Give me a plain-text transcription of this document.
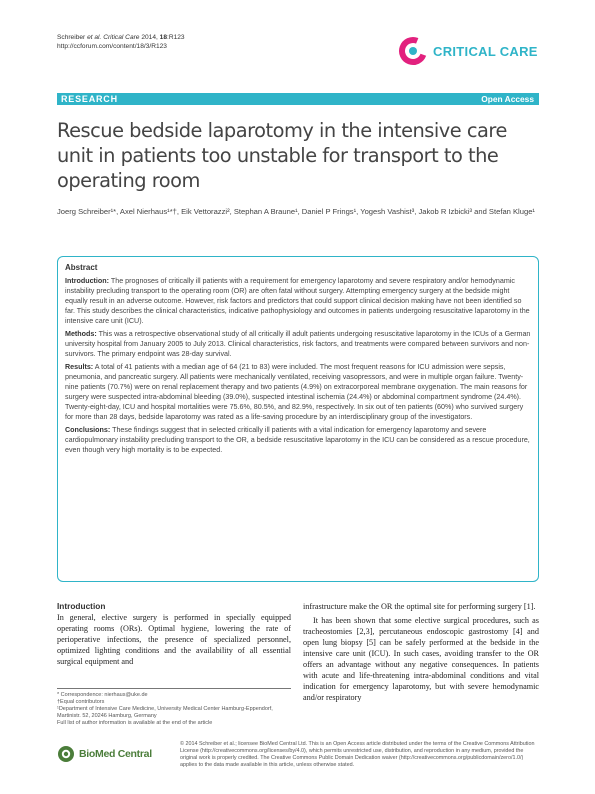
Schreiber et al. Critical Care 2014, 18:R123
http://ccforum.com/content/18/3/R123	CRITICAL CARE
RESEARCH	Open Access
Rescue bedside laparotomy in the intensive care unit in patients too unstable for transport to the operating room
Joerg Schreiber¹*, Axel Nierhaus¹*†, Eik Vettorazzi², Stephan A Braune¹, Daniel P Frings¹, Yogesh Vashist³, Jakob R Izbicki³ and Stefan Kluge¹
Abstract

Introduction: The prognoses of critically ill patients with a requirement for emergency laparotomy and severe respiratory and/or hemodynamic instability precluding transport to the operating room (OR) are often fatal without surgery. Attempting emergency surgery at the bedside might equally result in an adverse outcome. However, risk factors and predictors that could support clinical decision making have not been identified so far. This study describes the clinical characteristics, indicative pathophysiology and outcomes in patients undergoing resuscitative laparotomy in the intensive care unit (ICU).

Methods: This was a retrospective observational study of all critically ill adult patients undergoing resuscitative laparotomy in the ICUs of a German university hospital from January 2005 to July 2013. Clinical characteristics, risk factors, and treatments were compared between survivors and non-survivors. The primary endpoint was 28-day survival.

Results: A total of 41 patients with a median age of 64 (21 to 83) were included. The most frequent reasons for ICU admission were sepsis, pneumonia, and pancreatic surgery. All patients were mechanically ventilated, receiving vasopressors, and were in multiple organ failure. Twenty-nine patients (70.7%) were on renal replacement therapy and two patients (4.9%) on extracorporeal membrane oxygenation. The main reasons for surgery were suspected intra-abdominal bleeding (39.0%), suspected intestinal ischemia (24.4%) or abdominal compartment syndrome (24.4%). Twenty-eight-day, ICU and hospital mortalities were 75.6%, 80.5%, and 82.9%, respectively. In six out of ten patients (60%) who survived surgery for more than 28 days, bedside laparotomy was rated as a life-saving procedure by an interdisciplinary group of the investigators.

Conclusions: These findings suggest that in selected critically ill patients with a vital indication for emergency laparotomy and severe cardiopulmonary instability precluding transport to the OR, a bedside resuscitative laparotomy in the ICU can be considered as a rescue procedure, even though very high mortality is to be expected.

Introduction

In general, elective surgery is performed in specially equipped operating rooms (ORs). Optimal hygiene, lowering the rate of perioperative infections, the presence of specialized personnel, optimized lighting conditions and the availability of all essential surgical equipment and

infrastructure make the OR the optimal site for performing surgery [1].

It has been shown that some elective surgical procedures, such as tracheostomies [2,3], percutaneous endoscopic gastrostomy [4] and open lung biopsy [5] can be safely performed at the bedside in the intensive care unit (ICU). In such cases, avoiding transfer to the OR offers an advantage without any negative consequences. In patients with acute and life-threatening intra-abdominal conditions and vital indication for emergency laparotomy, but with severe hemodynamic and/or respiratory

* Correspondence: nierhaus@uke.de
†Equal contributors
¹Department of Intensive Care Medicine, University Medical Center Hamburg-Eppendorf, Martinistr. 52, 20246 Hamburg, Germany
Full list of author information is available at the end of the article
BioMed Central
© 2014 Schreiber et al.; licensee BioMed Central Ltd. This is an Open Access article distributed under the terms of the Creative Commons Attribution License (http://creativecommons.org/licenses/by/4.0), which permits unrestricted use, distribution, and reproduction in any medium, provided the original work is properly credited. The Creative Commons Public Domain Dedication waiver (http://creativecommons.org/publicdomain/zero/1.0/) applies to the data made available in this article, unless otherwise stated.
